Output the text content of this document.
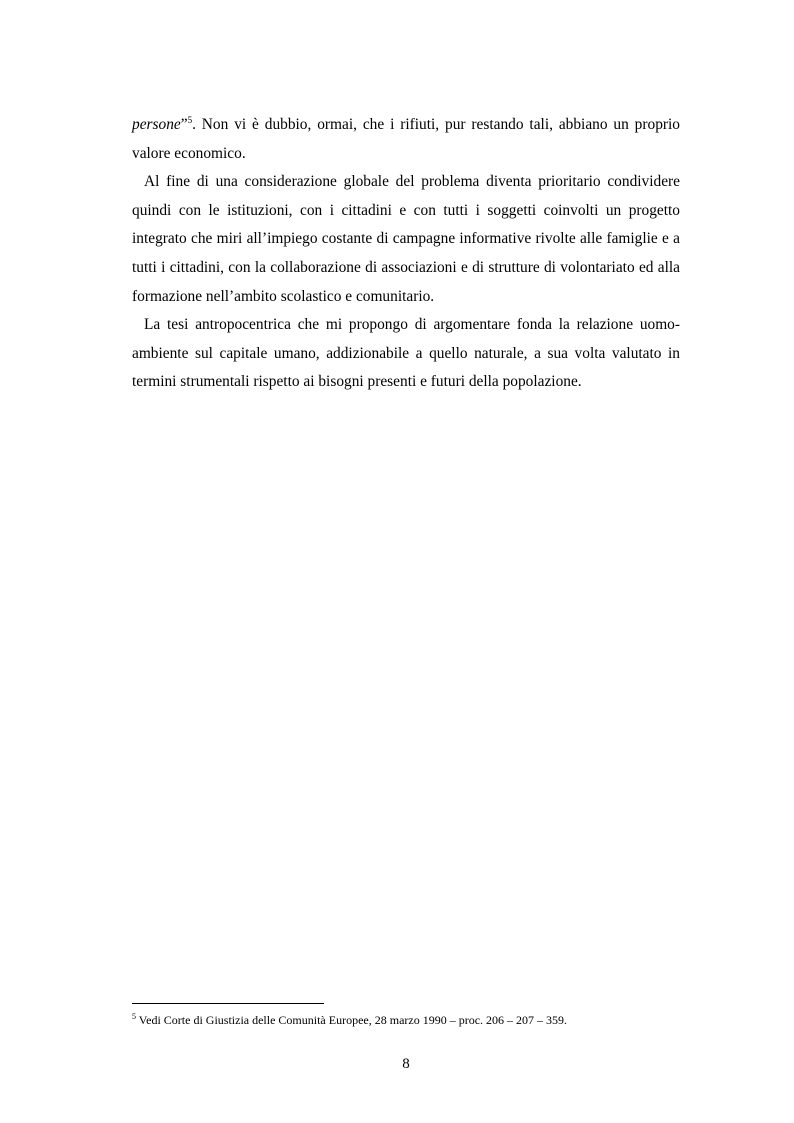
persone”$^5$. Non vi è dubbio, ormai, che i rifiuti, pur restando tali, abbiano un proprio valore economico.

Al fine di una considerazione globale del problema diventa prioritario condividere quindi con le istituzioni, con i cittadini e con tutti i soggetti coinvolti un progetto integrato che miri all’impiego costante di campagne informative rivolte alle famiglie e a tutti i cittadini, con la collaborazione di associazioni e di strutture di volontariato ed alla formazione nell’ambito scolastico e comunitario.

La tesi antropocentrica che mi propongo di argomentare fonda la relazione uomo-ambiente sul capitale umano, addizionabile a quello naturale, a sua volta valutato in termini strumentali rispetto ai bisogni presenti e futuri della popolazione.

$^5$ Vedi Corte di Giustizia delle Comunità Europee, 28 marzo 1990 – proc. 206 – 207 – 359.
8
